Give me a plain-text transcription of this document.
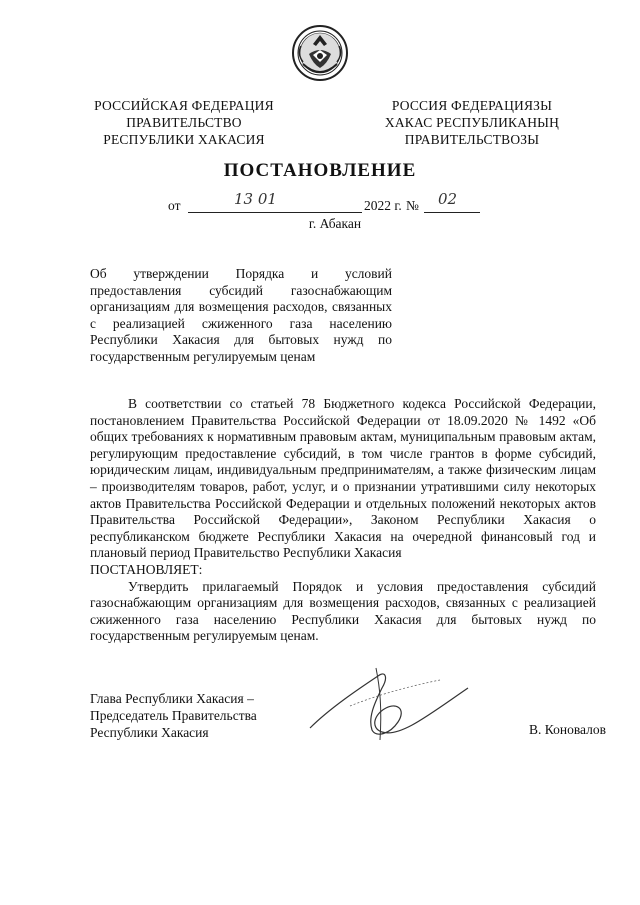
РОССИЙСКАЯ ФЕДЕРАЦИЯ
ПРАВИТЕЛЬСТВО
РЕСПУБЛИКИ ХАКАСИЯ
РОССИЯ ФЕДЕРАЦИЯЗЫ
ХАКАС РЕСПУБЛИКАНЫҢ
ПРАВИТЕЛЬСТВОЗЫ
ПОСТАНОВЛЕНИЕ
от	13 01	2022 г. № 02
г. Абакан
Об утверждении Порядка и условий предоставления субсидий газоснабжающим организациям для возмещения расходов, связанных с реализацией сжиженного газа населению Республики Хакасия для бытовых нужд по государственным регулируемым ценам

В соответствии со статьей 78 Бюджетного кодекса Российской Федерации, постановлением Правительства Российской Федерации от 18.09.2020 № 1492 «Об общих требованиях к нормативным правовым актам, муниципальным правовым актам, регулирующим предоставление субсидий, в том числе грантов в форме субсидий, юридическим лицам, индивидуальным предпринимателям, а также физическим лицам – производителям товаров, работ, услуг, и о признании утратившими силу некоторых актов Правительства Российской Федерации и отдельных положений некоторых актов Правительства Российской Федерации», Законом Республики Хакасия о республиканском бюджете Республики Хакасия на очередной финансовый год и плановый период Правительство Республики Хакасия

ПОСТАНОВЛЯЕТ:

Утвердить прилагаемый Порядок и условия предоставления субсидий газоснабжающим организациям для возмещения расходов, связанных с реализацией сжиженного газа населению Республики Хакасия для бытовых нужд по государственным регулируемым ценам.

Глава Республики Хакасия –
Председатель Правительства
Республики Хакасия	В. Коновалов
